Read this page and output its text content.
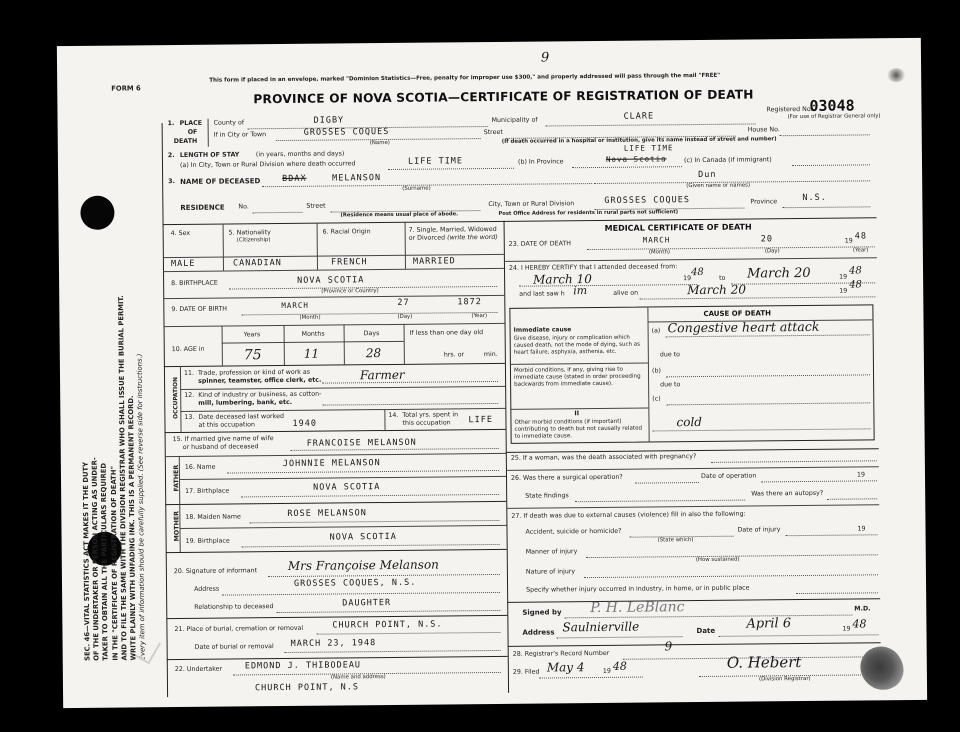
9
FORM 6
This form if placed in an envelope, marked "Dominion Statistics—Free, penalty for improper use $300," and properly addressed will pass through the mail "FREE"
PROVINCE OF NOVA SCOTIA—CERTIFICATE OF REGISTRATION OF DEATH
Registered No.
03048
(For use of Registrar General only)
SEC. 46—VITAL STATISTICS ACT MAKES IT THE DUTY OF THE UNDERTAKER OR PERSON ACTING AS UNDER- TAKER TO OBTAIN ALL THE PARTICULARS REQUIRED IN THE "CERTIFICATE OF REGISTRATION OF DEATH"
AND TO FILE THE SAME WITH THE DIVISION REGISTRAR WHO SHALL ISSUE THE BURIAL PERMIT.
WRITE PLAINLY WITH UNFADING INK. THIS IS A PERMANENT RECORD.
Every item of information should be carefully supplied. (See reverse side for instructions.)
1. PLACE
OF
DEATH
County of	DIGBY	Municipality of	CLARE
If in City or Town	GROSSES COQUES
(Name)
Street
(If death occurred in a hospital or institution, give its name instead of street and number)
House No.
2. LENGTH OF STAY	(in years, months and days)
(a) In City, Town or Rural Division where death occurred	LIFE TIME	(b) In Province
LIFE TIME
Nova Scotia	(c) In Canada (if immigrant)
3. NAME OF DECEASED	BDAX	MELANSON
(Surname)
Dun
(Given name or names)
RESIDENCE No.	Street	City, Town or Rural Division	GROSSES COQUES	Province	N.S.
(Residence means usual place of abode.	Post Office Address for residents in rural parts not sufficient)
4. Sex	5. Nationality
(Citizenship)
6. Racial Origin	7. Single, Married, Widowed or Divorced (write the word)
MALE	CANADIAN	FRENCH	MARRIED
8. BIRTHPLACE	NOVA SCOTIA
(Province or Country)
9. DATE OF BIRTH	MARCH	27	1872
(Month)	(Day)	(Year)
10. AGE in
Years	Months	Days	If less than one day old
75	11	28	hrs. or	min.
OCCUPATION
11. Trade, profession or kind of work as
spinner, teamster, office clerk, etc.	Farmer
12. Kind of industry or business, as cotton-
mill, lumbering, bank, etc.
13. Date deceased last worked
at this occupation	1940
14. Total yrs. spent in
this occupation LIFE
15. If married give name of wife
or husband of deceased	FRANCOISE MELANSON
FATHER 16. Name	JOHNNIE MELANSON
17. Birthplace	NOVA SCOTIA
MOTHER 18. Maiden Name	ROSE MELANSON
19. Birthplace	NOVA SCOTIA
20. Signature of informant	Mrs Françoise Melanson
Address
GROSSES COQUES, N.S.
Relationship to deceased	DAUGHTER
21. Place of burial, cremation or removal	CHURCH POINT, N.S.
Date of burial or removal MARCH 23, 1948
22. Undertaker	EDMOND J. THIBODEAU
(Name and address)
CHURCH POINT, N.S
MEDICAL CERTIFICATE OF DEATH
23. DATE OF DEATH	MARCH	20	19 48
(Month)	(Day)	(Year)
24. I HEREBY CERTIFY that I attended deceased from:
March 10	19
48
to March 20	19
48
and last saw h im	alive on	March 20	19
48
CAUSE OF DEATH
Immediate cause
Give disease, injury or complication which caused death, not the mode of dying, such as heart failure, asphyxia, asthenia, etc.
(a) Congestive heart attack
due to
Morbid conditions, if any, giving rise to immediate cause (stated in order proceeding backwards from immediate cause).
(b)
due to
(c)
II
Other morbid conditions (if important) contributing to death but not causally related to immediate cause.
cold
25. If a woman, was the death associated with pregnancy?
26. Was there a surgical operation?	Date of operation	19
State findings	Was there an autopsy?
27. If death was due to external causes (violence) fill in also the following:
Accident, suicide or homicide?
(State which)
Date of injury	19
Manner of injury
(How sustained)
Nature of injury
Specify whether injury occurred in industry, in home, or in public place
Signed by P. H. LeBlanc	M.D.
Address Saulnierville	Date April 6	19 48
28. Registrar's Record Number
9
29. Filed May 4	19 48	O. Hebert
(Division Registrar)
